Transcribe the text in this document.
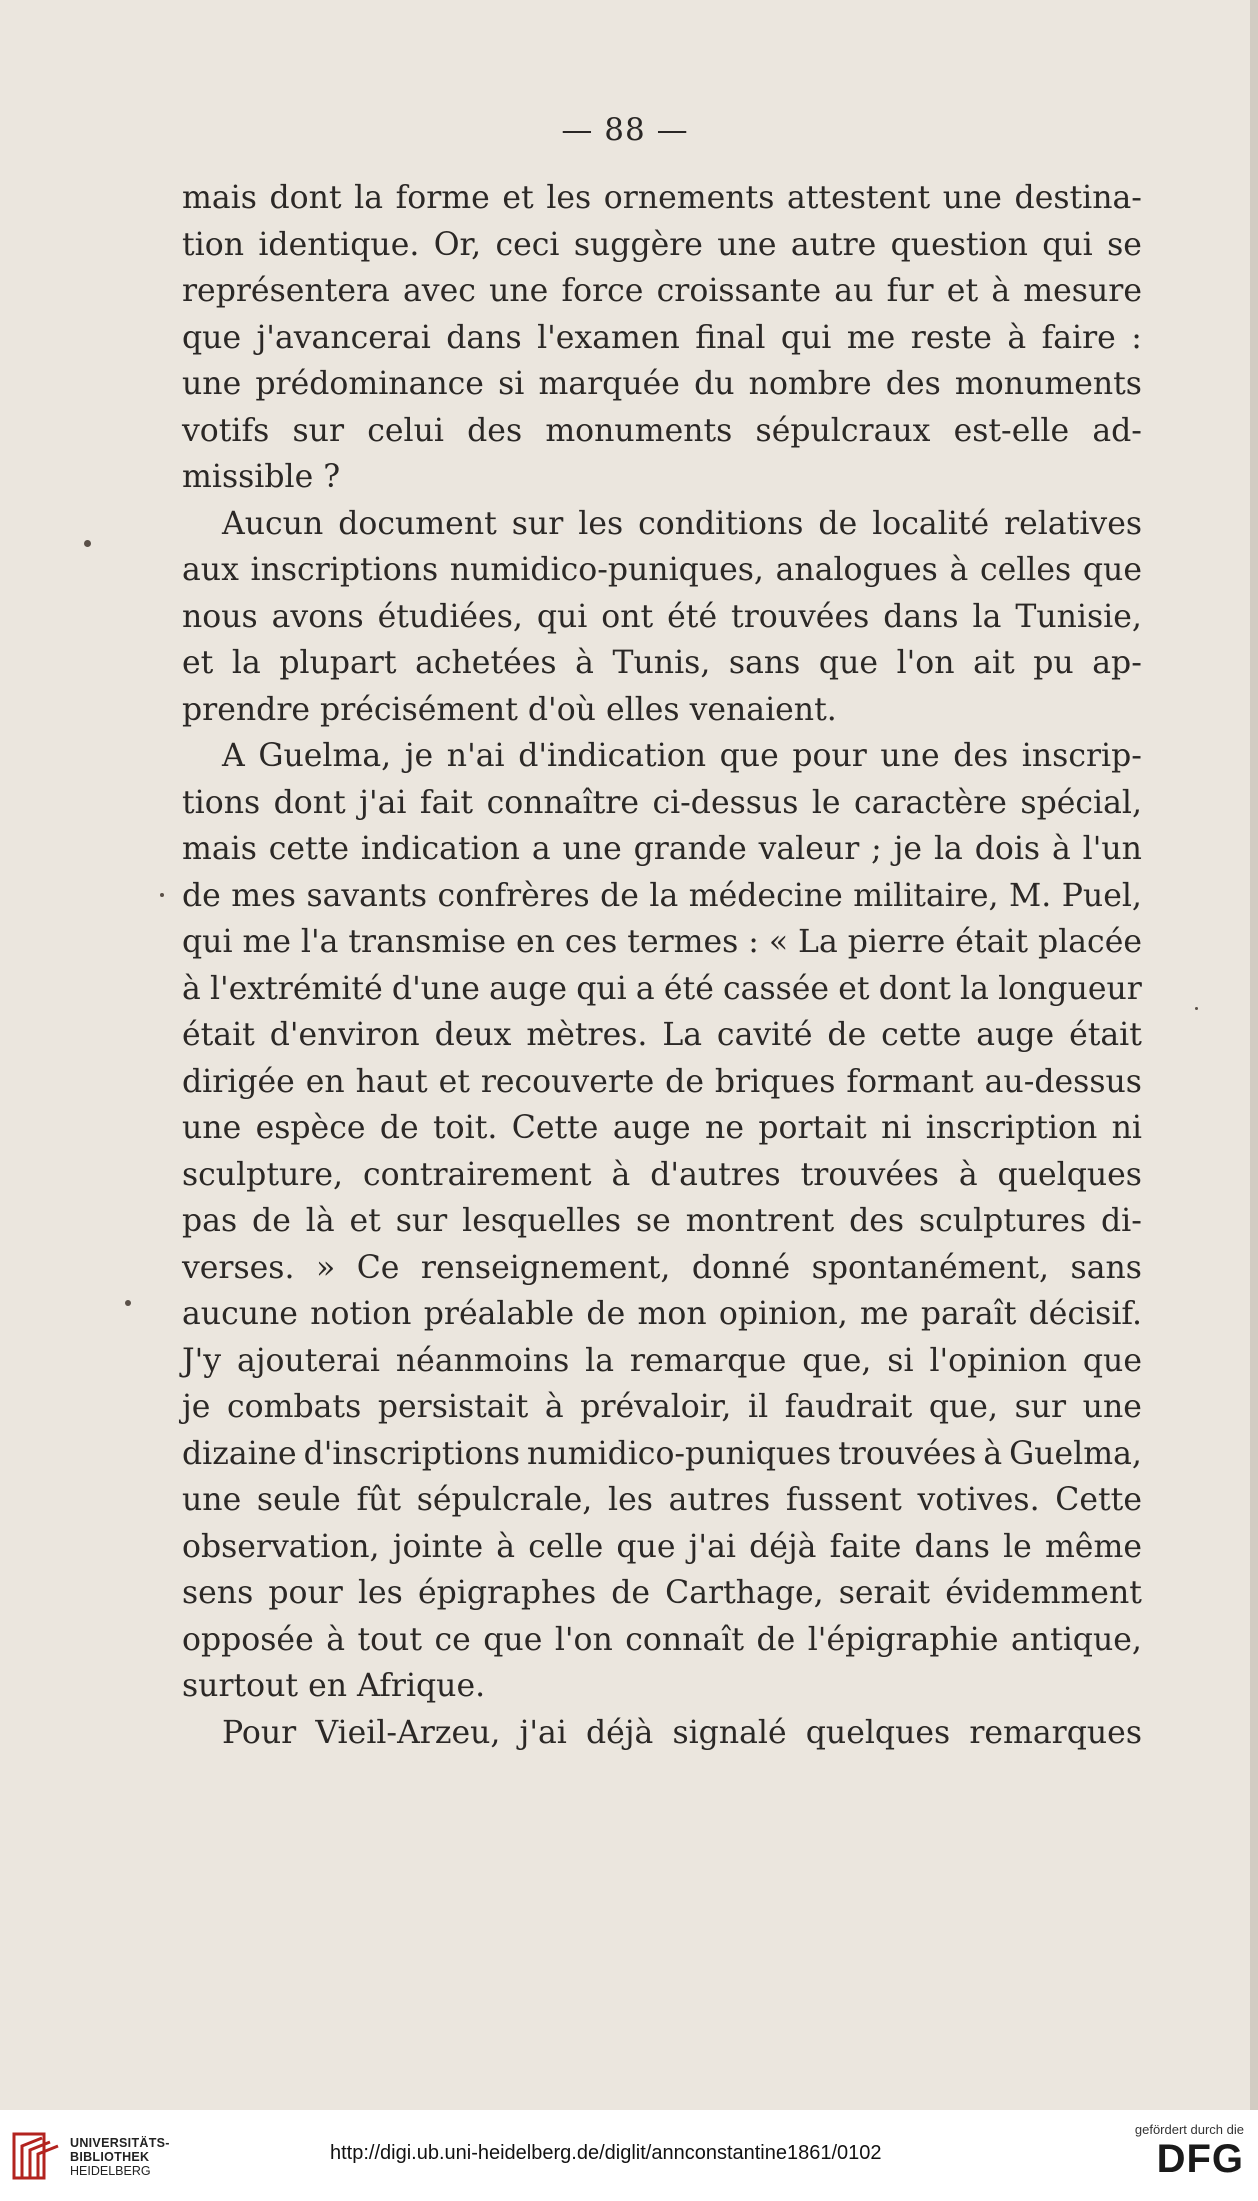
— 88 —
mais dont la forme et les ornements attestent une destina-
tion identique. Or, ceci suggère une autre question qui se
représentera avec une force croissante au fur et à mesure
que j'avancerai dans l'examen final qui me reste à faire :
une prédominance si marquée du nombre des monuments
votifs sur celui des monuments sépulcraux est-elle ad-
missible ?
Aucun document sur les conditions de localité relatives
aux inscriptions numidico-puniques, analogues à celles que
nous avons étudiées, qui ont été trouvées dans la Tunisie,
et la plupart achetées à Tunis, sans que l'on ait pu ap-
prendre précisément d'où elles venaient.
A Guelma, je n'ai d'indication que pour une des inscrip-
tions dont j'ai fait connaître ci-dessus le caractère spécial,
mais cette indication a une grande valeur ; je la dois à l'un
de mes savants confrères de la médecine militaire, M. Puel,
qui me l'a transmise en ces termes : « La pierre était placée
à l'extrémité d'une auge qui a été cassée et dont la longueur
était d'environ deux mètres. La cavité de cette auge était
dirigée en haut et recouverte de briques formant au-dessus
une espèce de toit. Cette auge ne portait ni inscription ni
sculpture, contrairement à d'autres trouvées à quelques
pas de là et sur lesquelles se montrent des sculptures di-
verses. » Ce renseignement, donné spontanément, sans
aucune notion préalable de mon opinion, me paraît décisif.
J'y ajouterai néanmoins la remarque que, si l'opinion que
je combats persistait à prévaloir, il faudrait que, sur une
dizaine d'inscriptions numidico-puniques trouvées à Guelma,
une seule fût sépulcrale, les autres fussent votives. Cette
observation, jointe à celle que j'ai déjà faite dans le même
sens pour les épigraphes de Carthage, serait évidemment
opposée à tout ce que l'on connaît de l'épigraphie antique,
surtout en Afrique.
Pour Vieil-Arzeu, j'ai déjà signalé quelques remarques
UNIVERSITÄTS-
BIBLIOTHEK
HEIDELBERG
http://digi.ub.uni-heidelberg.de/diglit/annconstantine1861/0102
gefördert durch die
DFG
